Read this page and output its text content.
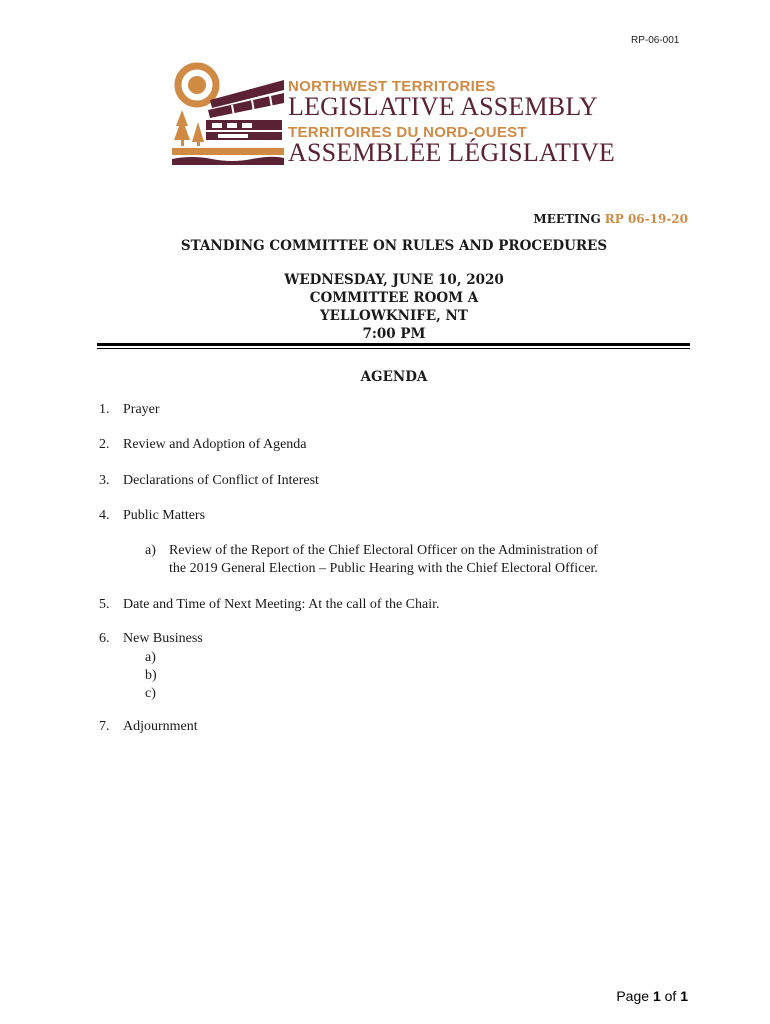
RP-06-001
NORTHWEST TERRITORIES
LEGISLATIVE ASSEMBLY
TERRITOIRES DU NORD-OUEST
ASSEMBLÉE LÉGISLATIVE
MEETING RP 06-19-20
STANDING COMMITTEE ON RULES AND PROCEDURES
WEDNESDAY, JUNE 10, 2020
COMMITTEE ROOM A
YELLOWKNIFE, NT
7:00 PM
AGENDA
1. Prayer
2. Review and Adoption of Agenda
3. Declarations of Conflict of Interest
4. Public Matters
a) Review of the Report of the Chief Electoral Officer on the Administration of
the 2019 General Election – Public Hearing with the Chief Electoral Officer.
5. Date and Time of Next Meeting: At the call of the Chair.
6. New Business
a)
b)
c)
7. Adjournment
Page 1 of 1
